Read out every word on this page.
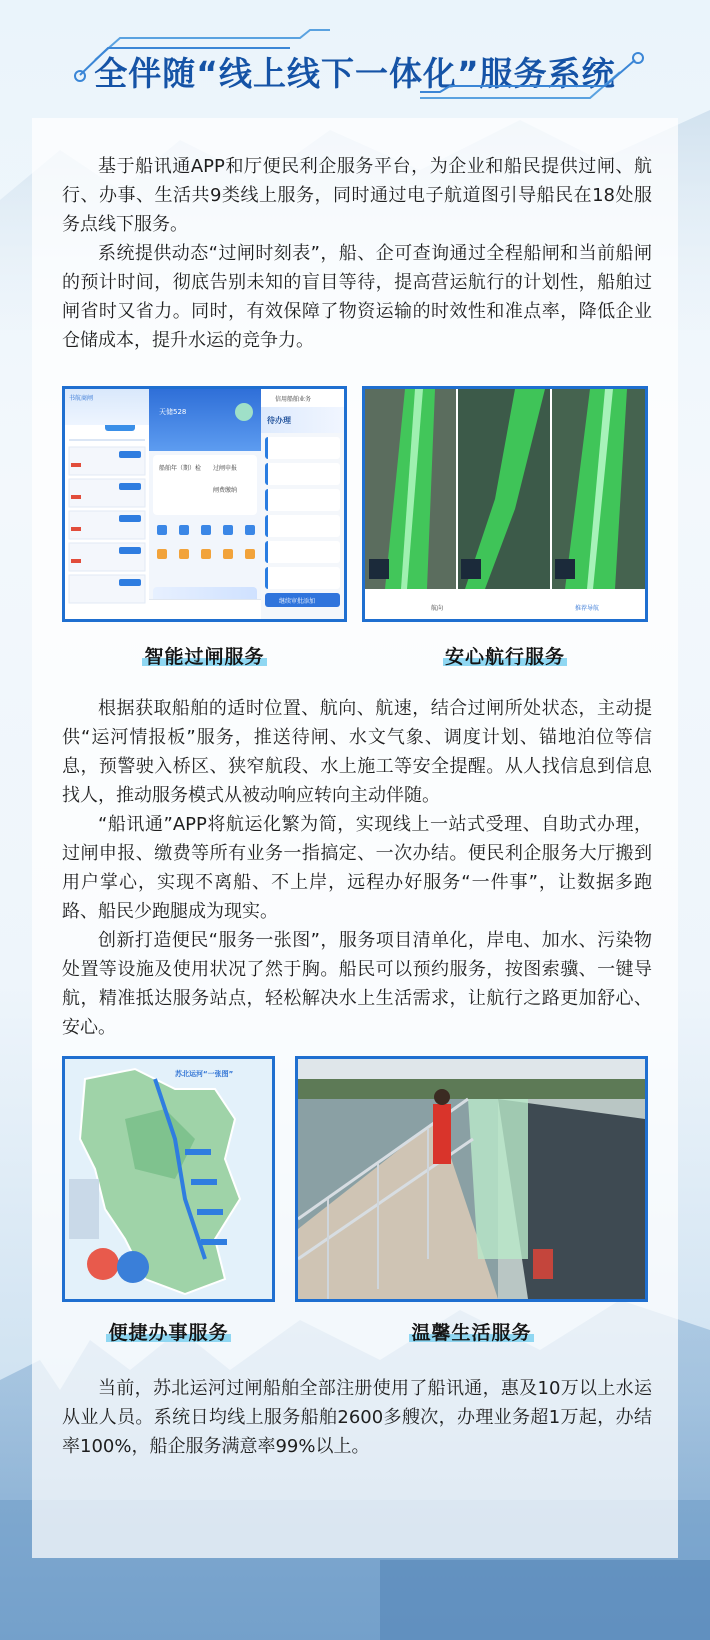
全伴随“线上线下一体化”服务系统

基于船讯通APP和厅便民利企服务平台，为企业和船民提供过闸、航行、办事、生活共9类线上服务，同时通过电子航道图引导船民在18处服务点线下服务。

系统提供动态“过闸时刻表”，船、企可查询通过全程船闸和当前船闸的预计时间，彻底告别未知的盲目等待，提高营运航行的计划性，船舶过闸省时又省力。同时，有效保障了物资运输的时效性和准点率，降低企业仓储成本，提升水运的竞争力。

书航商闸
天储528
船舶年（期）检 过闸申报
闸费缴纳
信用船舶业务
待办理
继续审批添加
航向	推荐导航
智能过闸服务	安心航行服务

根据获取船舶的适时位置、航向、航速，结合过闸所处状态，主动提供“运河情报板”服务，推送待闸、水文气象、调度计划、锚地泊位等信息，预警驶入桥区、狭窄航段、水上施工等安全提醒。从人找信息到信息找人，推动服务模式从被动响应转向主动伴随。

“船讯通”APP将航运化繁为简，实现线上一站式受理、自助式办理，过闸申报、缴费等所有业务一指搞定、一次办结。便民利企服务大厅搬到用户掌心，实现不离船、不上岸，远程办好服务“一件事”，让数据多跑路、船民少跑腿成为现实。

创新打造便民“服务一张图”，服务项目清单化，岸电、加水、污染物处置等设施及使用状况了然于胸。船民可以预约服务，按图索骥、一键导航，精准抵达服务站点，轻松解决水上生活需求，让航行之路更加舒心、安心。

苏北运河“一张图”
便捷办事服务	温馨生活服务

当前，苏北运河过闸船舶全部注册使用了船讯通，惠及10万以上水运从业人员。系统日均线上服务船舶2600多艘次，办理业务超1万起，办结率100%，船企服务满意率99%以上。
